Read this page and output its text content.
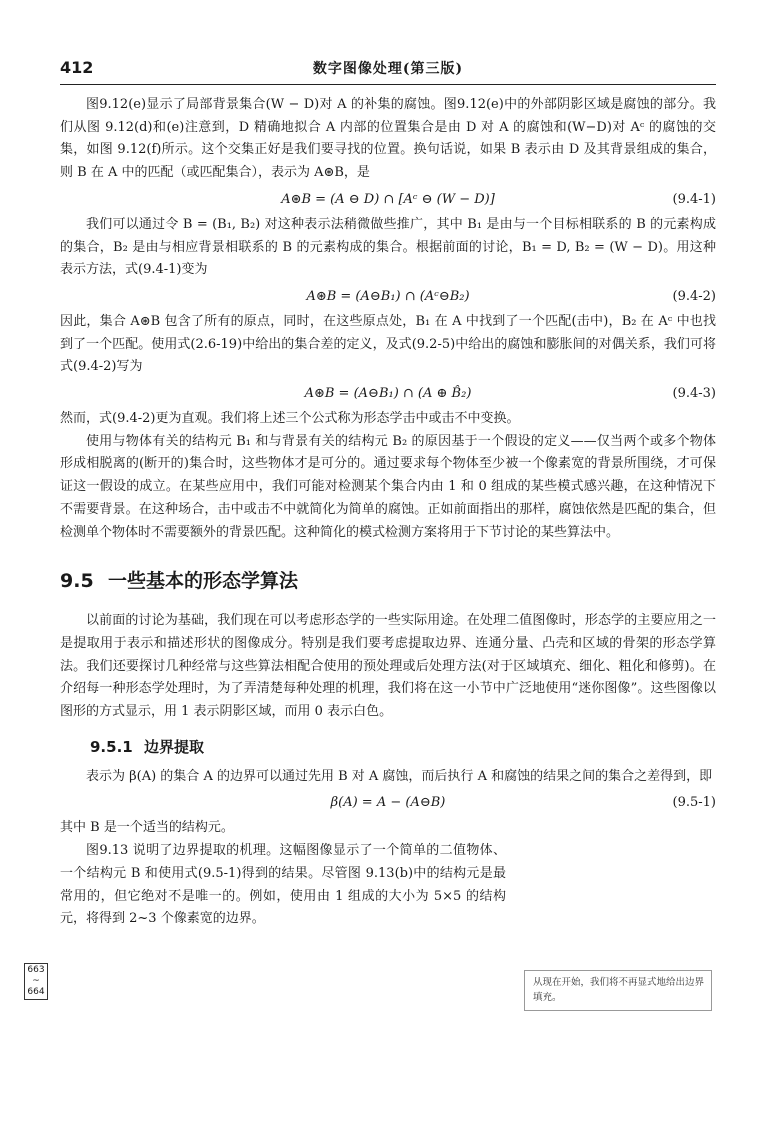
412	数字图像处理(第三版)

图9.12(e)显示了局部背景集合(W − D)对 A 的补集的腐蚀。图9.12(e)中的外部阴影区域是腐蚀的部分。我们从图 9.12(d)和(e)注意到，D 精确地拟合 A 内部的位置集合是由 D 对 A 的腐蚀和(W−D)对 Aᶜ 的腐蚀的交集，如图 9.12(f)所示。这个交集正好是我们要寻找的位置。换句话说，如果 B 表示由 D 及其背景组成的集合，则 B 在 A 中的匹配（或匹配集合），表示为 A⊛B，是

A⊛B = (A ⊖ D) ∩ [Aᶜ ⊖ (W − D)]	(9.4-1)

我们可以通过令 B = (B₁, B₂) 对这种表示法稍微做些推广，其中 B₁ 是由与一个目标相联系的 B 的元素构成的集合，B₂ 是由与相应背景相联系的 B 的元素构成的集合。根据前面的讨论，B₁ = D, B₂ = (W − D)。用这种表示方法，式(9.4-1)变为

A⊛B = (A⊖B₁) ∩ (Aᶜ⊖B₂)	(9.4-2)

因此，集合 A⊛B 包含了所有的原点，同时，在这些原点处，B₁ 在 A 中找到了一个匹配(击中)，B₂ 在 Aᶜ 中也找到了一个匹配。使用式(2.6-19)中给出的集合差的定义，及式(9.2-5)中给出的腐蚀和膨胀间的对偶关系，我们可将式(9.4-2)写为

A⊛B = (A⊖B₁) ∩ (A ⊕ B̂₂)	(9.4-3)

然而，式(9.4-2)更为直观。我们将上述三个公式称为形态学击中或击不中变换。

使用与物体有关的结构元 B₁ 和与背景有关的结构元 B₂ 的原因基于一个假设的定义——仅当两个或多个物体形成相脱离的(断开的)集合时，这些物体才是可分的。通过要求每个物体至少被一个像素宽的背景所围绕，才可保证这一假设的成立。在某些应用中，我们可能对检测某个集合内由 1 和 0 组成的某些模式感兴趣，在这种情况下不需要背景。在这种场合，击中或击不中就简化为简单的腐蚀。正如前面指出的那样，腐蚀依然是匹配的集合，但检测单个物体时不需要额外的背景匹配。这种简化的模式检测方案将用于下节讨论的某些算法中。

9.5 一些基本的形态学算法

以前面的讨论为基础，我们现在可以考虑形态学的一些实际用途。在处理二值图像时，形态学的主要应用之一是提取用于表示和描述形状的图像成分。特别是我们要考虑提取边界、连通分量、凸壳和区域的骨架的形态学算法。我们还要探讨几种经常与这些算法相配合使用的预处理或后处理方法(对于区域填充、细化、粗化和修剪)。在介绍每一种形态学处理时，为了弄清楚每种处理的机理，我们将在这一小节中广泛地使用“迷你图像”。这些图像以图形的方式显示，用 1 表示阴影区域，而用 0 表示白色。

9.5.1 边界提取

表示为 β(A) 的集合 A 的边界可以通过先用 B 对 A 腐蚀，而后执行 A 和腐蚀的结果之间的集合之差得到，即

β(A) = A − (A⊖B)	(9.5-1)

其中 B 是一个适当的结构元。

图9.13 说明了边界提取的机理。这幅图像显示了一个简单的二值物体、一个结构元 B 和使用式(9.5-1)得到的结果。尽管图 9.13(b)中的结构元是最常用的，但它绝对不是唯一的。例如，使用由 1 组成的大小为 5×5 的结构元，将得到 2~3 个像素宽的边界。

663
~
664
从现在开始，我们将不再显式地给出边界填充。
